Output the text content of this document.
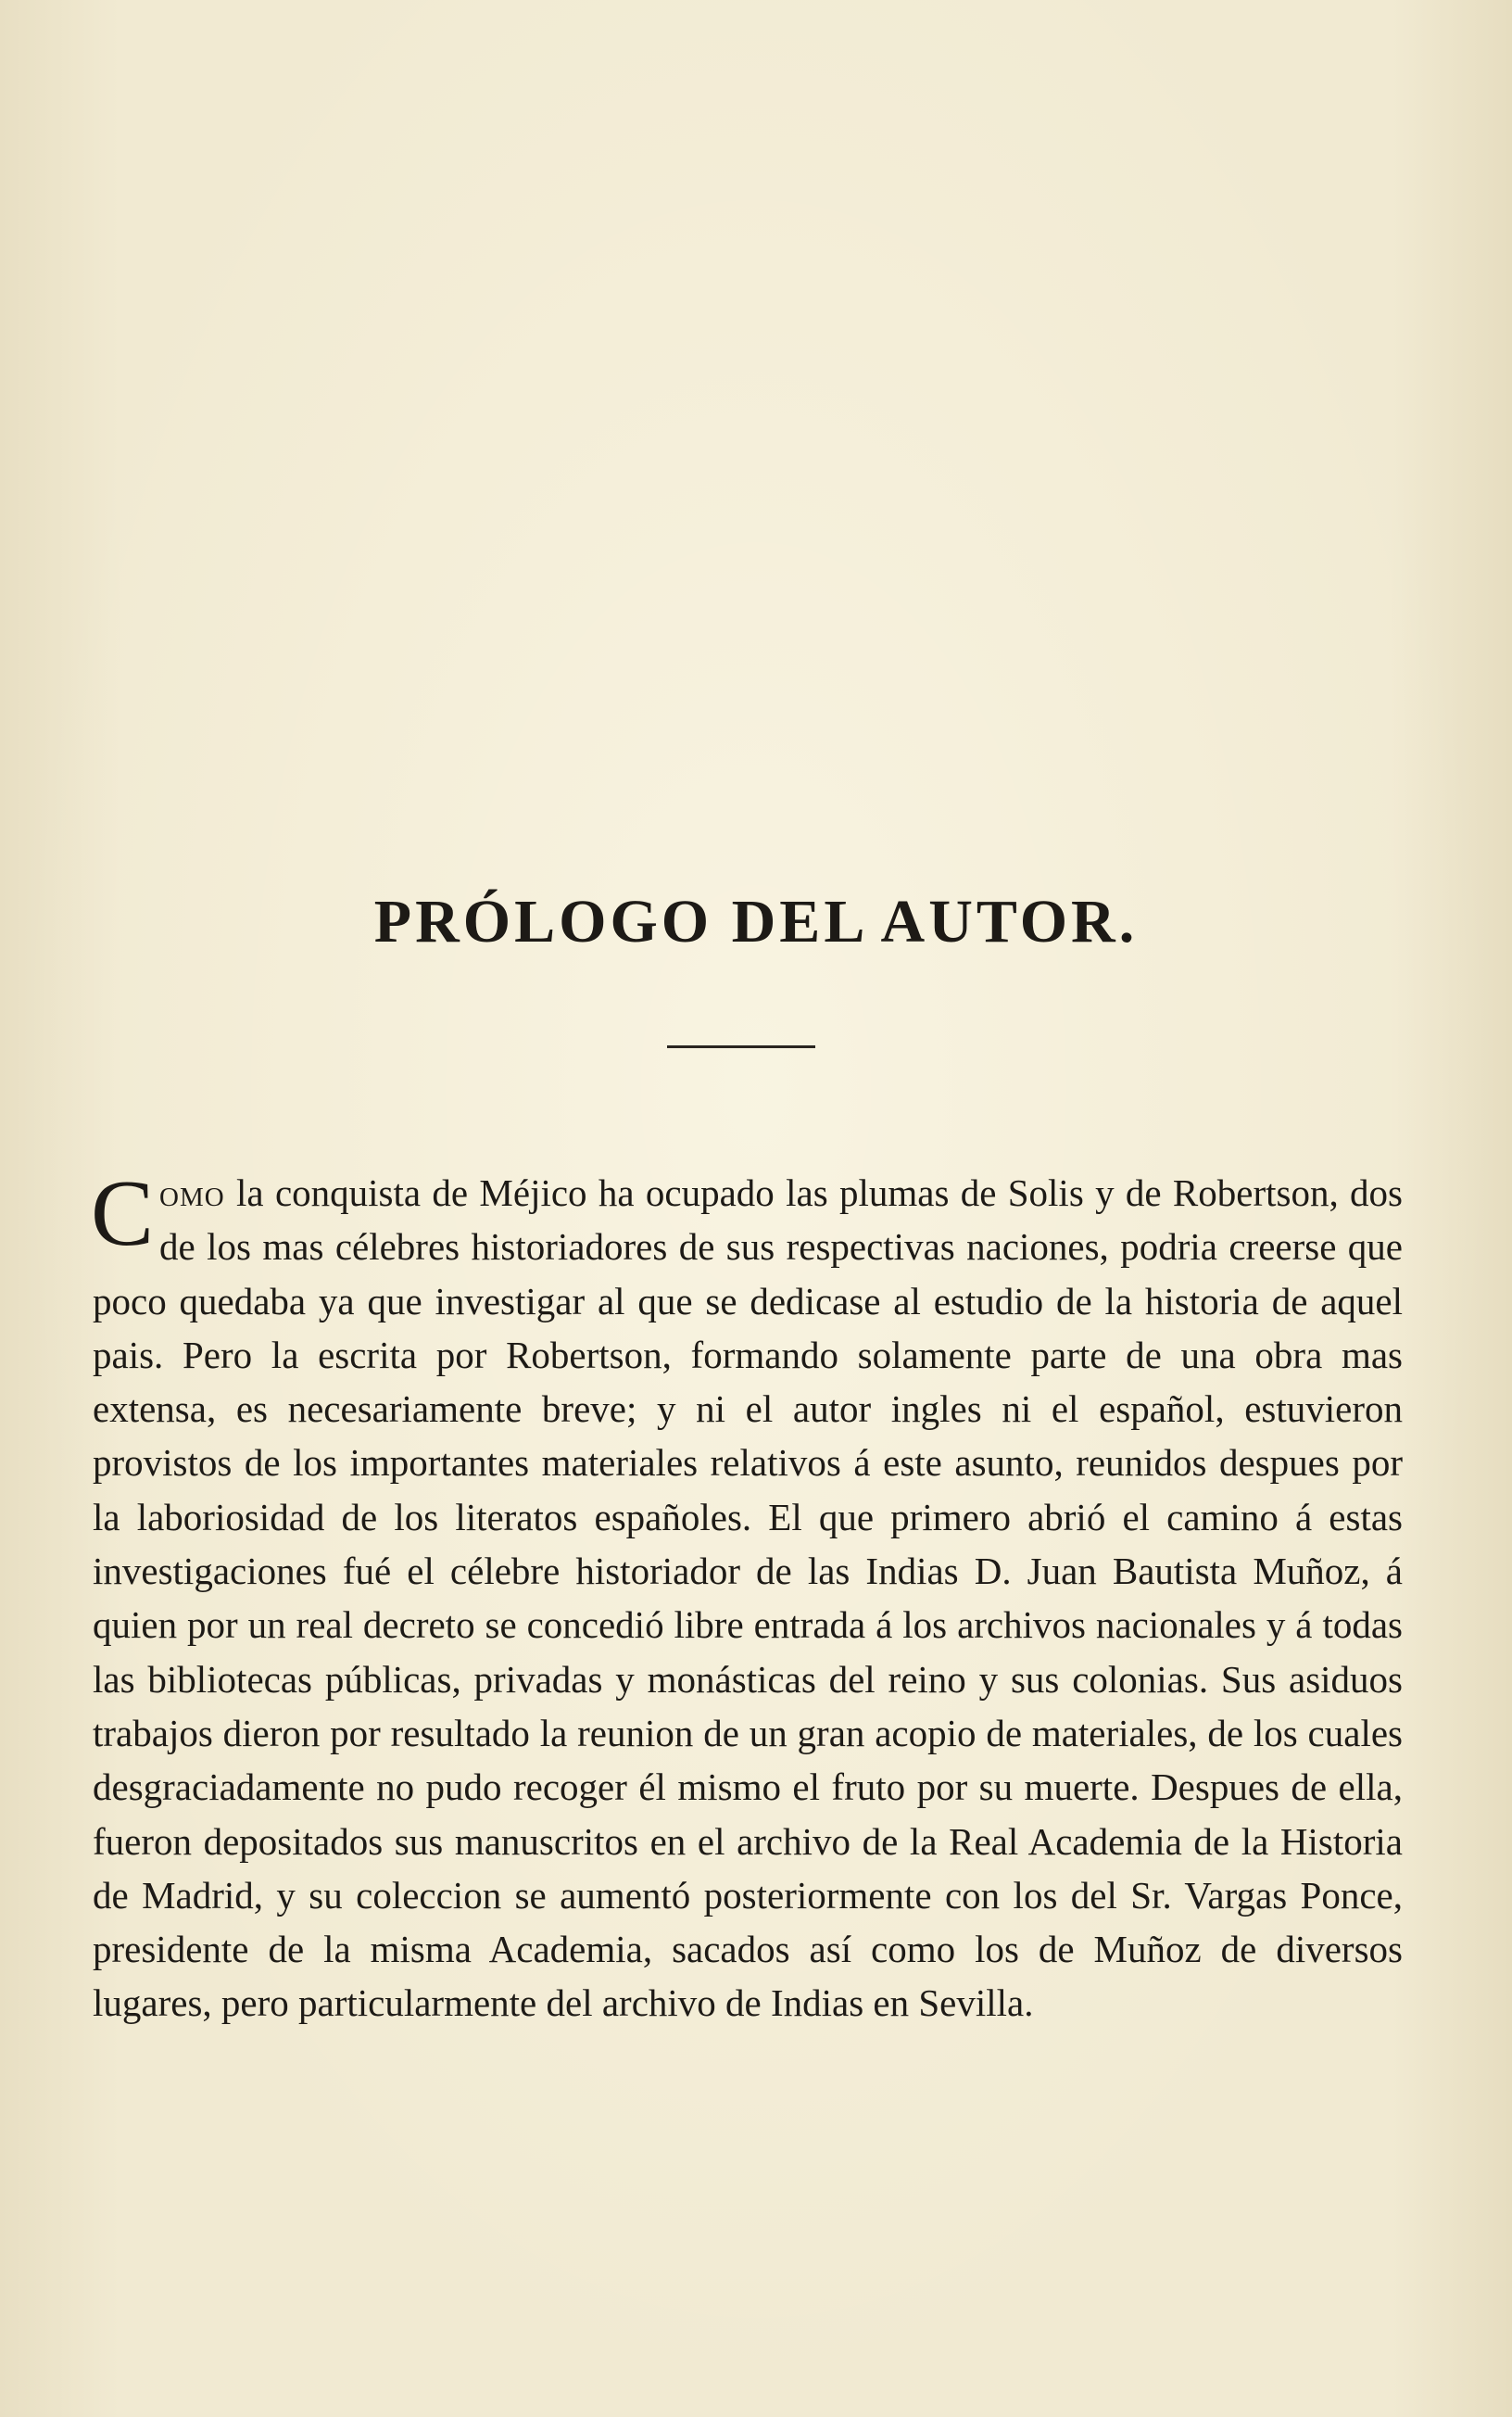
PRÓLOGO DEL AUTOR.

Como la conquista de Méjico ha ocupado las plumas de Solis y de Robertson, dos de los mas célebres historiadores de sus respectivas naciones, podria creerse que poco quedaba ya que investigar al que se dedicase al estudio de la historia de aquel pais. Pero la escrita por Robertson, formando solamente parte de una obra mas extensa, es necesariamente breve; y ni el autor ingles ni el español, estuvieron provistos de los importantes materiales relativos á este asunto, reunidos despues por la laboriosidad de los literatos españoles. El que primero abrió el camino á estas investigaciones fué el célebre historiador de las Indias D. Juan Bautista Muñoz, á quien por un real decreto se concedió libre entrada á los archivos nacionales y á todas las bibliotecas públicas, privadas y monásticas del reino y sus colonias. Sus asiduos trabajos dieron por resultado la reunion de un gran acopio de materiales, de los cuales desgraciadamente no pudo recoger él mismo el fruto por su muerte. Despues de ella, fueron depositados sus manuscritos en el archivo de la Real Academia de la Historia de Madrid, y su coleccion se aumentó posteriormente con los del Sr. Vargas Ponce, presidente de la misma Academia, sacados así como los de Muñoz de diversos lugares, pero particularmente del archivo de Indias en Sevilla.
